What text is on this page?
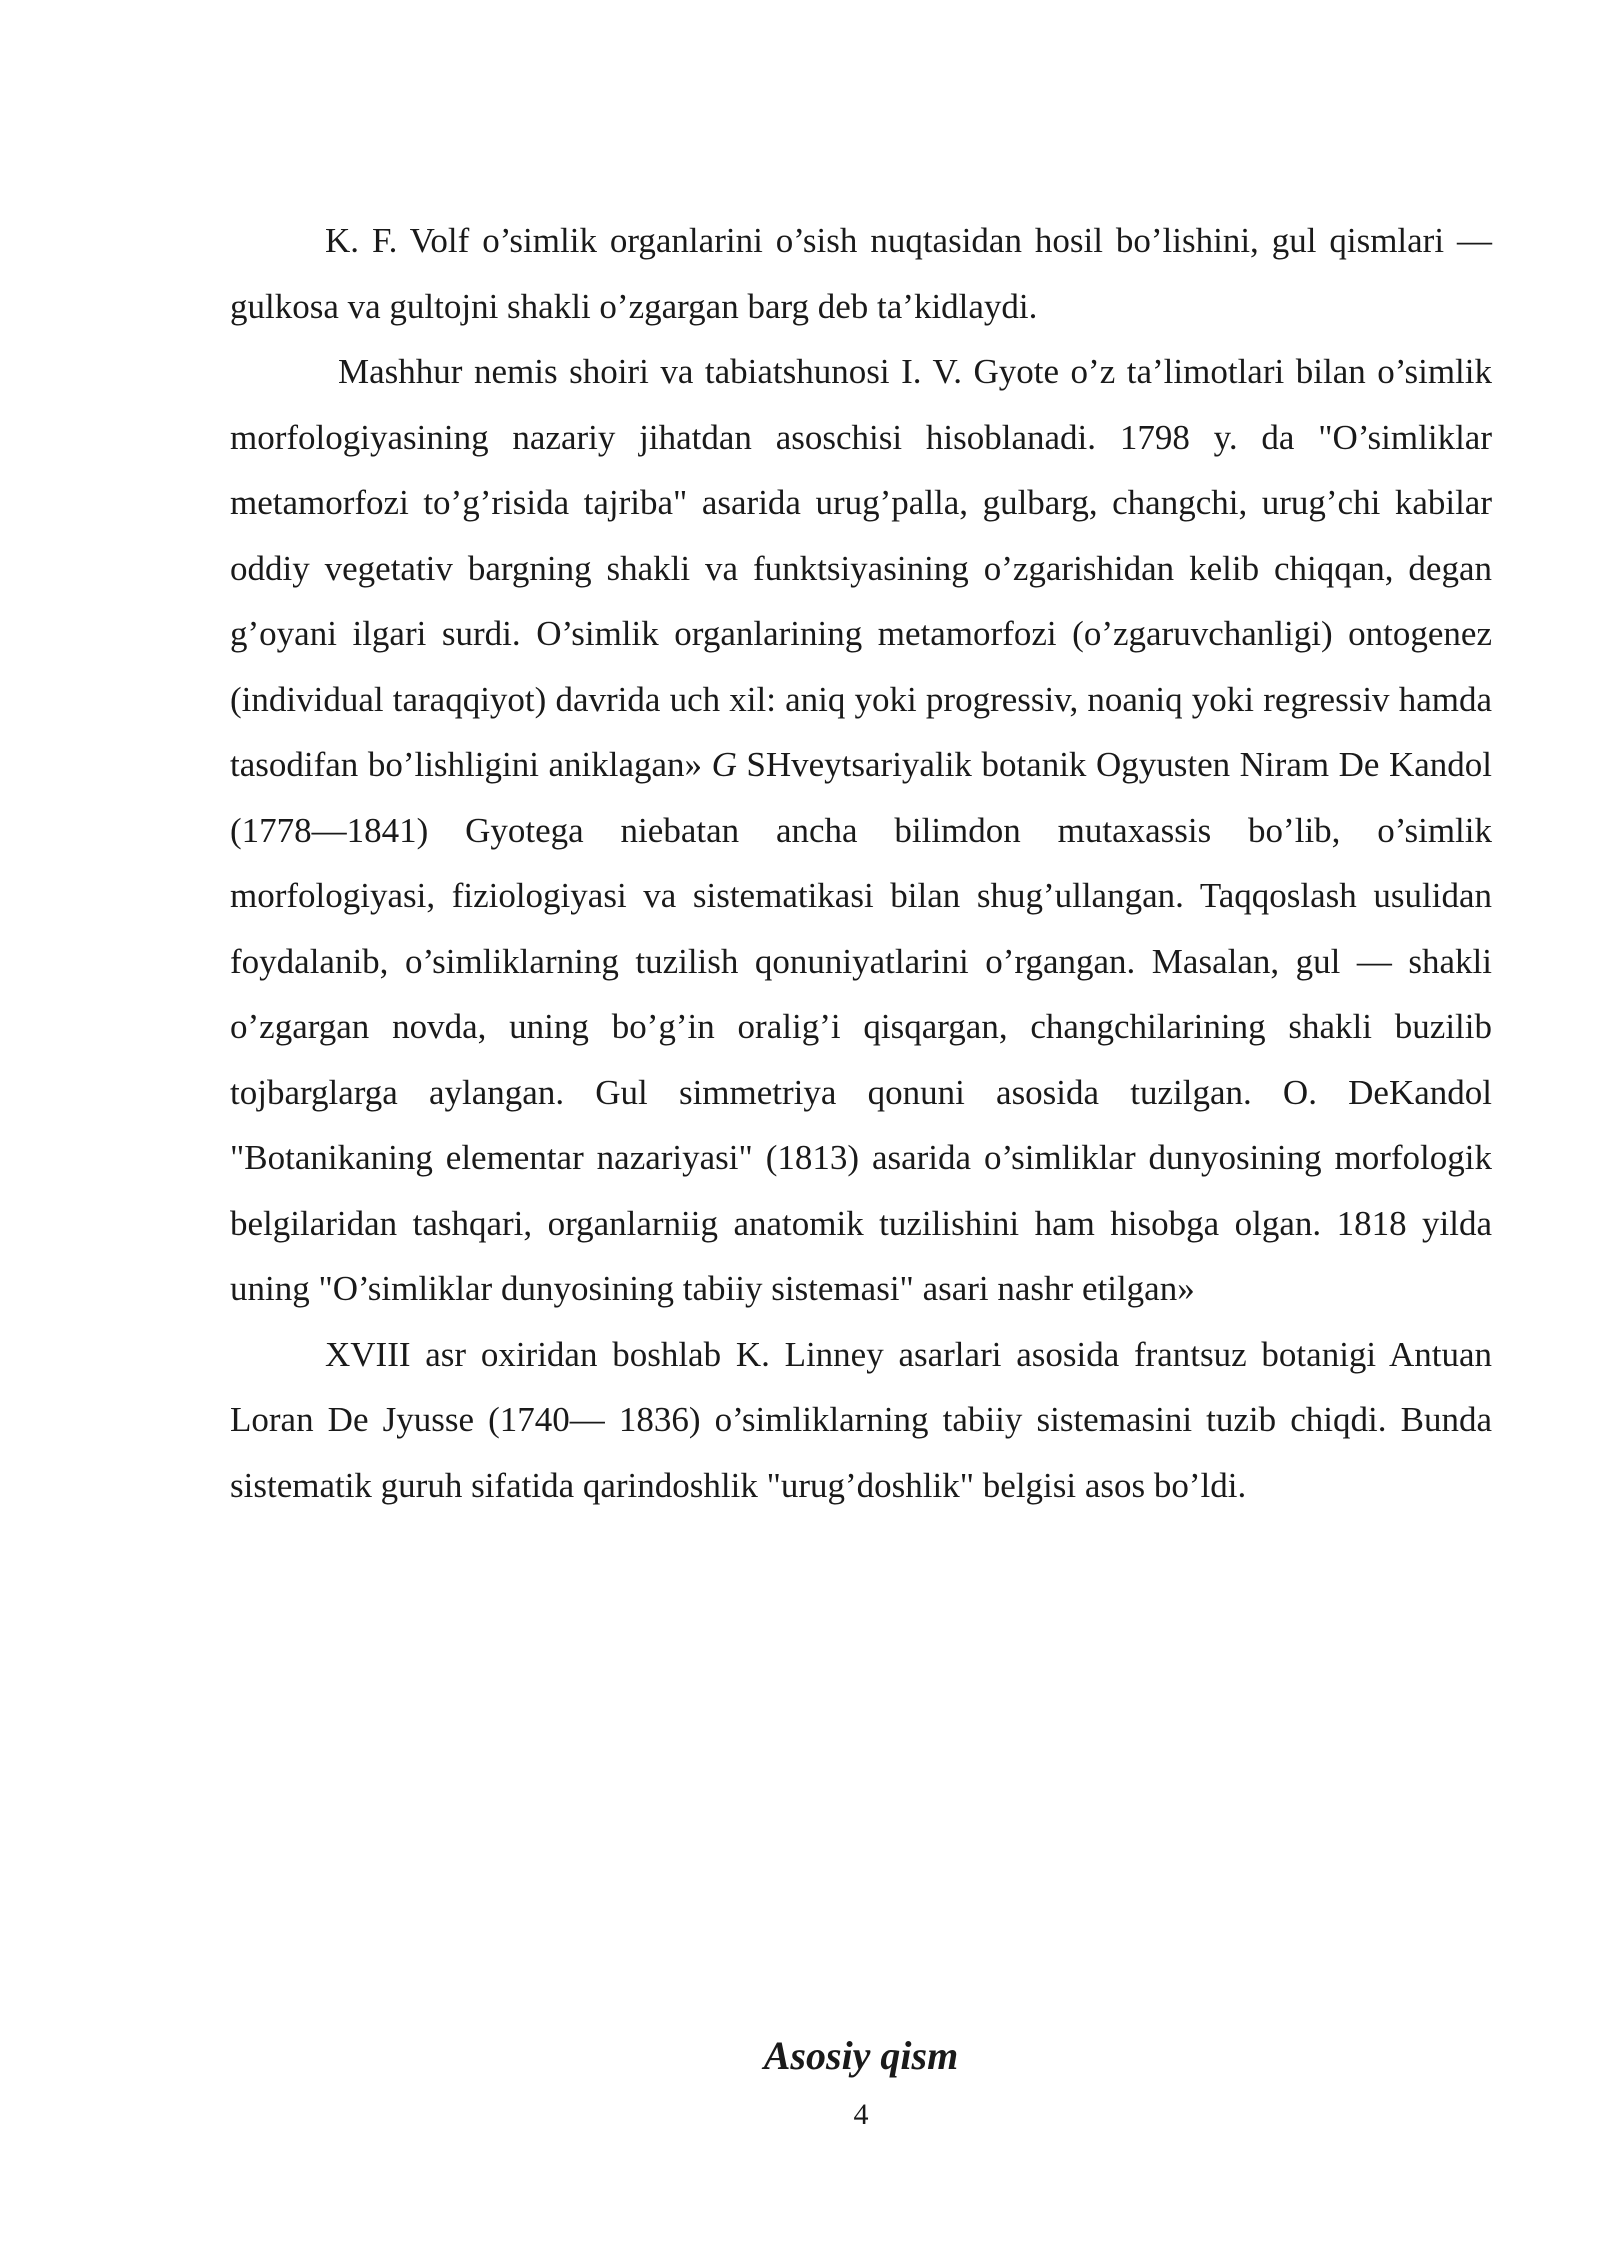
K. F. Volf o’simlik organlarini o’sish nuqtasidan hosil bo’lishini, gul qismlari — gulkosa va gultojni shakli o’zgargan barg deb ta’kidlaydi.

Mashhur nemis shoiri va tabiatshunosi I. V. Gyote o’z ta’limotlari bilan o’simlik morfologiyasining nazariy jihatdan asoschisi hisoblanadi. 1798 y. da "O’simliklar metamorfozi to’g’risida tajriba" asarida urug’palla, gulbarg, changchi, urug’chi kabilar oddiy vegetativ bargning shakli va funktsiyasining o’zgarishidan kelib chiqqan, degan g’oyani ilgari surdi. O’simlik organlarining metamorfozi (o’zgaruvchanligi) ontogenez (individual taraqqiyot) davrida uch xil: aniq yoki progressiv, noaniq yoki regressiv hamda tasodifan bo’lishligini aniklagan» G SHveytsariyalik botanik Ogyusten Niram De Kandol (1778—1841) Gyotega niebatan ancha bilimdon mutaxassis bo’lib, o’simlik morfologiyasi, fiziologiyasi va sistematikasi bilan shug’ullangan. Taqqoslash usulidan foydalanib, o’simliklarning tuzilish qonuniyatlarini o’rgangan. Masalan, gul — shakli o’zgargan novda, uning bo’g’in oralig’i qisqargan, changchilarining shakli buzilib tojbarglarga aylangan. Gul simmetriya qonuni asosida tuzilgan. O. DeKandol "Botanikaning elementar nazariyasi" (1813) asarida o’simliklar dunyosining morfologik belgilaridan tashqari, organlarniig anatomik tuzilishini ham hisobga olgan. 1818 yilda uning "O’simliklar dunyosining tabiiy sistemasi" asari nashr etilgan»

XVIII asr oxiridan boshlab K. Linney asarlari asosida frantsuz botanigi Antuan Loran De Jyusse (1740— 1836) o’simliklarning tabiiy sistemasini tuzib chiqdi. Bunda sistematik guruh sifatida qarindoshlik "urug’doshlik" belgisi asos bo’ldi.

Asosiy qism
4
